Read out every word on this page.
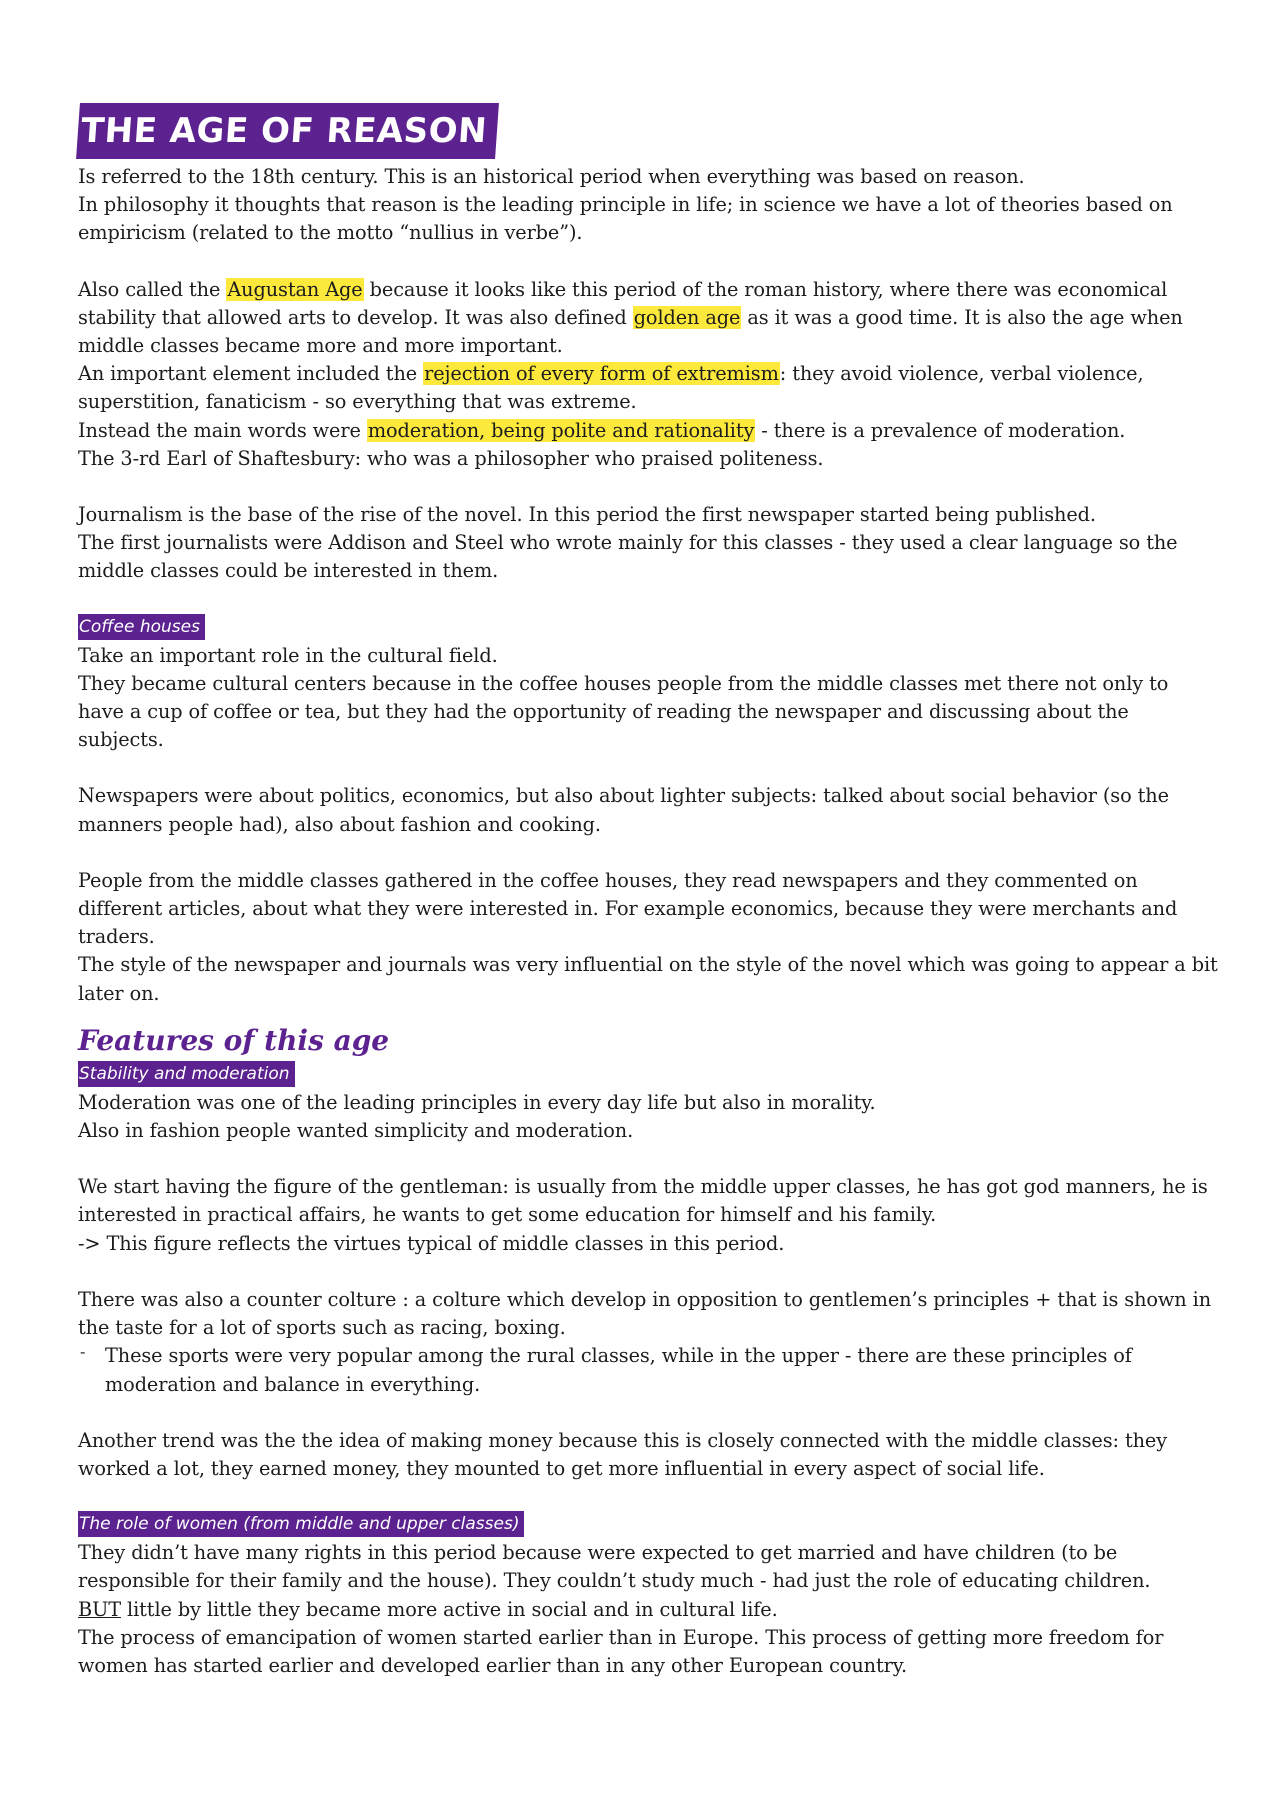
THE AGE OF REASON

Is referred to the 18th century. This is an historical period when everything was based on reason.

In philosophy it thoughts that reason is the leading principle in life; in science we have a lot of theories based on empiricism (related to the motto “nullius in verbe”).

Also called the Augustan Age because it looks like this period of the roman history, where there was economical stability that allowed arts to develop. It was also defined golden age as it was a good time. It is also the age when middle classes became more and more important.

An important element included the rejection of every form of extremism: they avoid violence, verbal violence, superstition, fanaticism - so everything that was extreme.

Instead the main words were moderation, being polite and rationality - there is a prevalence of moderation.

The 3-rd Earl of Shaftesbury: who was a philosopher who praised politeness.

Journalism is the base of the rise of the novel. In this period the first newspaper started being published.

The first journalists were Addison and Steel who wrote mainly for this classes - they used a clear language so the middle classes could be interested in them.

Coffee houses

Take an important role in the cultural field.

They became cultural centers because in the coffee houses people from the middle classes met there not only to have a cup of coffee or tea, but they had the opportunity of reading the newspaper and discussing about the subjects.

Newspapers were about politics, economics, but also about lighter subjects: talked about social behavior (so the manners people had), also about fashion and cooking.

People from the middle classes gathered in the coffee houses, they read newspapers and they commented on different articles, about what they were interested in. For example economics, because they were merchants and traders.

The style of the newspaper and journals was very influential on the style of the novel which was going to appear a bit later on.

Features of this age
Stability and moderation

Moderation was one of the leading principles in every day life but also in morality.

Also in fashion people wanted simplicity and moderation.

We start having the figure of the gentleman: is usually from the middle upper classes, he has got god manners, he is interested in practical affairs, he wants to get some education for himself and his family.

-> This figure reflects the virtues typical of middle classes in this period.

There was also a counter colture : a colture which develop in opposition to gentlemen’s principles + that is shown in the taste for a lot of sports such as racing, boxing.

-	These sports were very popular among the rural classes, while in the upper - there are these principles of moderation and balance in everything.

Another trend was the the idea of making money because this is closely connected with the middle classes: they worked a lot, they earned money, they mounted to get more influential in every aspect of social life.

The role of women (from middle and upper classes)

They didn’t have many rights in this period because were expected to get married and have children (to be responsible for their family and the house). They couldn’t study much - had just the role of educating children.

BUT little by little they became more active in social and in cultural life.

The process of emancipation of women started earlier than in Europe. This process of getting more freedom for women has started earlier and developed earlier than in any other European country.
